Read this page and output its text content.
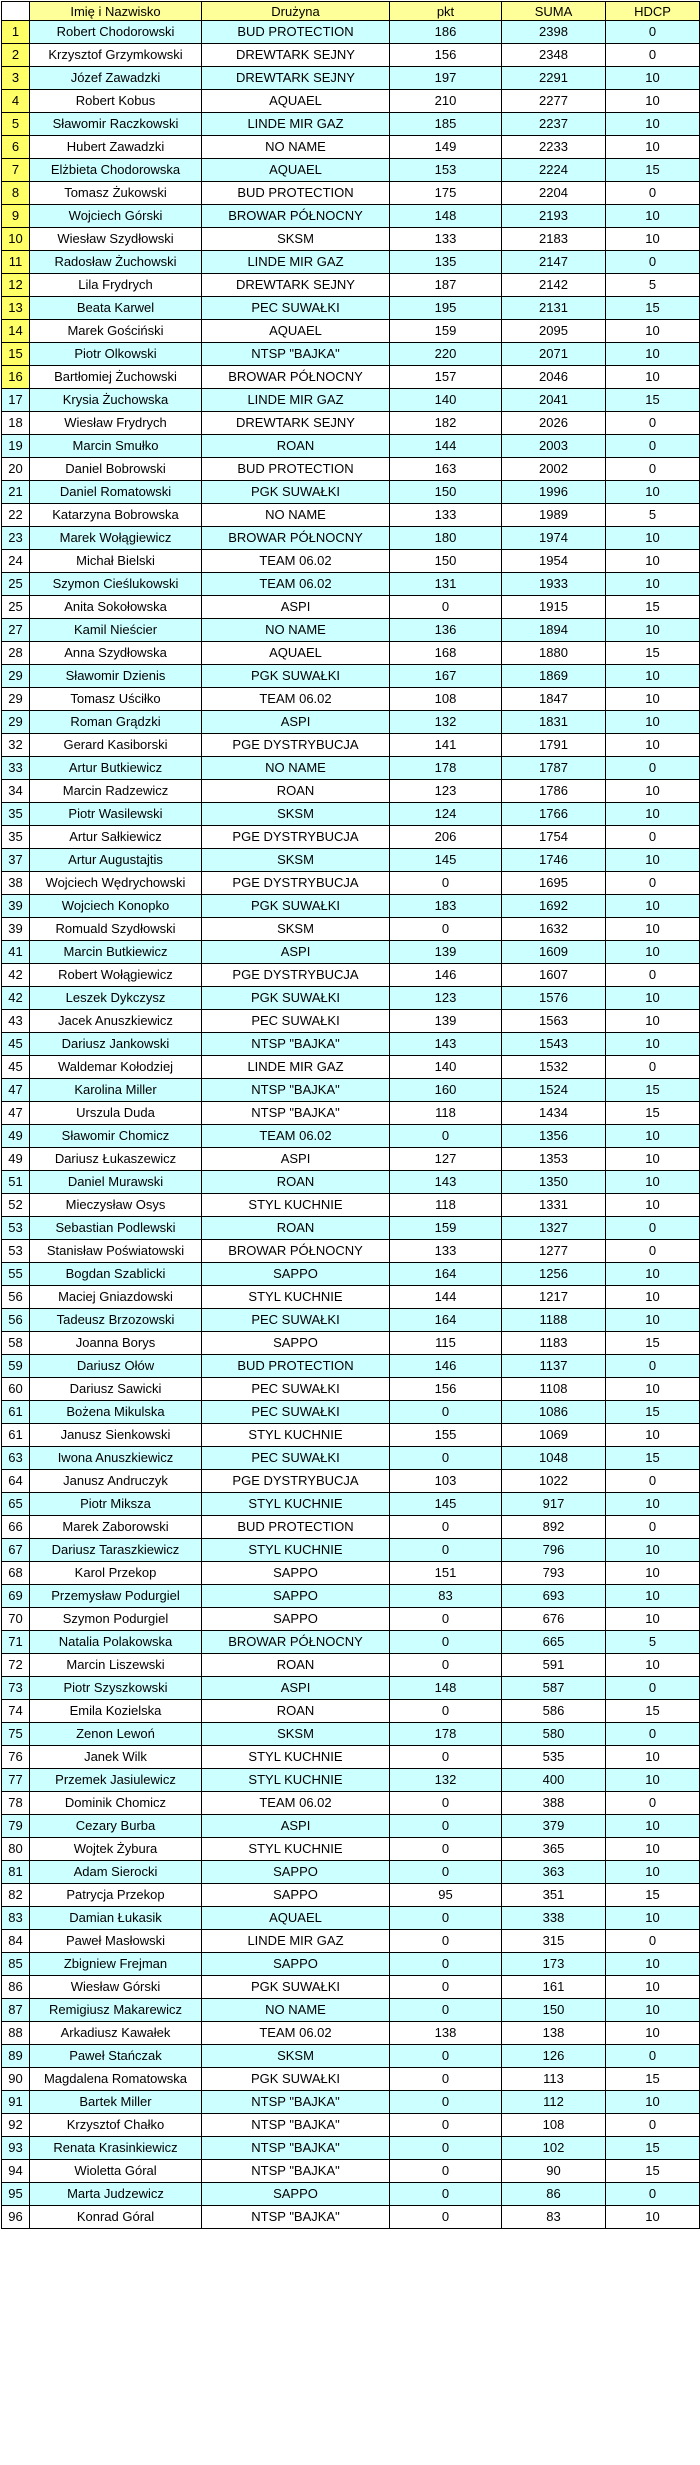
	Imię i Nazwisko	Drużyna	pkt	SUMA	HDCP
1	Robert Chodorowski	BUD PROTECTION	186	2398	0
2	Krzysztof Grzymkowski	DREWTARK SEJNY	156	2348	0
3	Józef Zawadzki	DREWTARK SEJNY	197	2291	10
4	Robert Kobus	AQUAEL	210	2277	10
5	Sławomir Raczkowski	LINDE MIR GAZ	185	2237	10
6	Hubert Zawadzki	NO NAME	149	2233	10
7	Elżbieta Chodorowska	AQUAEL	153	2224	15
8	Tomasz Żukowski	BUD PROTECTION	175	2204	0
9	Wojciech Górski	BROWAR PÓŁNOCNY	148	2193	10
10	Wiesław Szydłowski	SKSM	133	2183	10
11	Radosław Żuchowski	LINDE MIR GAZ	135	2147	0
12	Lila Frydrych	DREWTARK SEJNY	187	2142	5
13	Beata Karwel	PEC SUWAŁKI	195	2131	15
14	Marek Gościński	AQUAEL	159	2095	10
15	Piotr Olkowski	NTSP "BAJKA"	220	2071	10
16	Bartłomiej Żuchowski	BROWAR PÓŁNOCNY	157	2046	10
17	Krysia Żuchowska	LINDE MIR GAZ	140	2041	15
18	Wiesław Frydrych	DREWTARK SEJNY	182	2026	0
19	Marcin Smułko	ROAN	144	2003	0
20	Daniel Bobrowski	BUD PROTECTION	163	2002	0
21	Daniel Romatowski	PGK SUWAŁKI	150	1996	10
22	Katarzyna Bobrowska	NO NAME	133	1989	5
23	Marek Wołągiewicz	BROWAR PÓŁNOCNY	180	1974	10
24	Michał Bielski	TEAM 06.02	150	1954	10
25	Szymon Cieślukowski	TEAM 06.02	131	1933	10
25	Anita Sokołowska	ASPI	0	1915	15
27	Kamil Nieścier	NO NAME	136	1894	10
28	Anna Szydłowska	AQUAEL	168	1880	15
29	Sławomir Dzienis	PGK SUWAŁKI	167	1869	10
29	Tomasz Uściłko	TEAM 06.02	108	1847	10
29	Roman Grądzki	ASPI	132	1831	10
32	Gerard Kasiborski	PGE DYSTRYBUCJA	141	1791	10
33	Artur Butkiewicz	NO NAME	178	1787	0
34	Marcin Radzewicz	ROAN	123	1786	10
35	Piotr Wasilewski	SKSM	124	1766	10
35	Artur Sałkiewicz	PGE DYSTRYBUCJA	206	1754	0
37	Artur Augustajtis	SKSM	145	1746	10
38	Wojciech Wędrychowski	PGE DYSTRYBUCJA	0	1695	0
39	Wojciech Konopko	PGK SUWAŁKI	183	1692	10
39	Romuald Szydłowski	SKSM	0	1632	10
41	Marcin Butkiewicz	ASPI	139	1609	10
42	Robert Wołągiewicz	PGE DYSTRYBUCJA	146	1607	0
42	Leszek Dykczysz	PGK SUWAŁKI	123	1576	10
43	Jacek Anuszkiewicz	PEC SUWAŁKI	139	1563	10
45	Dariusz Jankowski	NTSP "BAJKA"	143	1543	10
45	Waldemar Kołodziej	LINDE MIR GAZ	140	1532	0
47	Karolina Miller	NTSP "BAJKA"	160	1524	15
47	Urszula Duda	NTSP "BAJKA"	118	1434	15
49	Sławomir Chomicz	TEAM 06.02	0	1356	10
49	Dariusz Łukaszewicz	ASPI	127	1353	10
51	Daniel Murawski	ROAN	143	1350	10
52	Mieczysław Osys	STYL KUCHNIE	118	1331	10
53	Sebastian Podlewski	ROAN	159	1327	0
53	Stanisław Poświatowski	BROWAR PÓŁNOCNY	133	1277	0
55	Bogdan Szablicki	SAPPO	164	1256	10
56	Maciej Gniazdowski	STYL KUCHNIE	144	1217	10
56	Tadeusz Brzozowski	PEC SUWAŁKI	164	1188	10
58	Joanna Borys	SAPPO	115	1183	15
59	Dariusz Ołów	BUD PROTECTION	146	1137	0
60	Dariusz Sawicki	PEC SUWAŁKI	156	1108	10
61	Bożena Mikulska	PEC SUWAŁKI	0	1086	15
61	Janusz Sienkowski	STYL KUCHNIE	155	1069	10
63	Iwona Anuszkiewicz	PEC SUWAŁKI	0	1048	15
64	Janusz Andruczyk	PGE DYSTRYBUCJA	103	1022	0
65	Piotr Miksza	STYL KUCHNIE	145	917	10
66	Marek Zaborowski	BUD PROTECTION	0	892	0
67	Dariusz Taraszkiewicz	STYL KUCHNIE	0	796	10
68	Karol Przekop	SAPPO	151	793	10
69	Przemysław Podurgiel	SAPPO	83	693	10
70	Szymon Podurgiel	SAPPO	0	676	10
71	Natalia Polakowska	BROWAR PÓŁNOCNY	0	665	5
72	Marcin Liszewski	ROAN	0	591	10
73	Piotr Szyszkowski	ASPI	148	587	0
74	Emila Kozielska	ROAN	0	586	15
75	Zenon Lewoń	SKSM	178	580	0
76	Janek Wilk	STYL KUCHNIE	0	535	10
77	Przemek Jasiulewicz	STYL KUCHNIE	132	400	10
78	Dominik Chomicz	TEAM 06.02	0	388	0
79	Cezary Burba	ASPI	0	379	10
80	Wojtek Żybura	STYL KUCHNIE	0	365	10
81	Adam Sierocki	SAPPO	0	363	10
82	Patrycja Przekop	SAPPO	95	351	15
83	Damian Łukasik	AQUAEL	0	338	10
84	Paweł Masłowski	LINDE MIR GAZ	0	315	0
85	Zbigniew Frejman	SAPPO	0	173	10
86	Wiesław Górski	PGK SUWAŁKI	0	161	10
87	Remigiusz Makarewicz	NO NAME	0	150	10
88	Arkadiusz Kawałek	TEAM 06.02	138	138	10
89	Paweł Stańczak	SKSM	0	126	0
90	Magdalena Romatowska	PGK SUWAŁKI	0	113	15
91	Bartek Miller	NTSP "BAJKA"	0	112	10
92	Krzysztof Chałko	NTSP "BAJKA"	0	108	0
93	Renata Krasinkiewicz	NTSP "BAJKA"	0	102	15
94	Wioletta Góral	NTSP "BAJKA"	0	90	15
95	Marta Judzewicz	SAPPO	0	86	0
96	Konrad Góral	NTSP "BAJKA"	0	83	10
